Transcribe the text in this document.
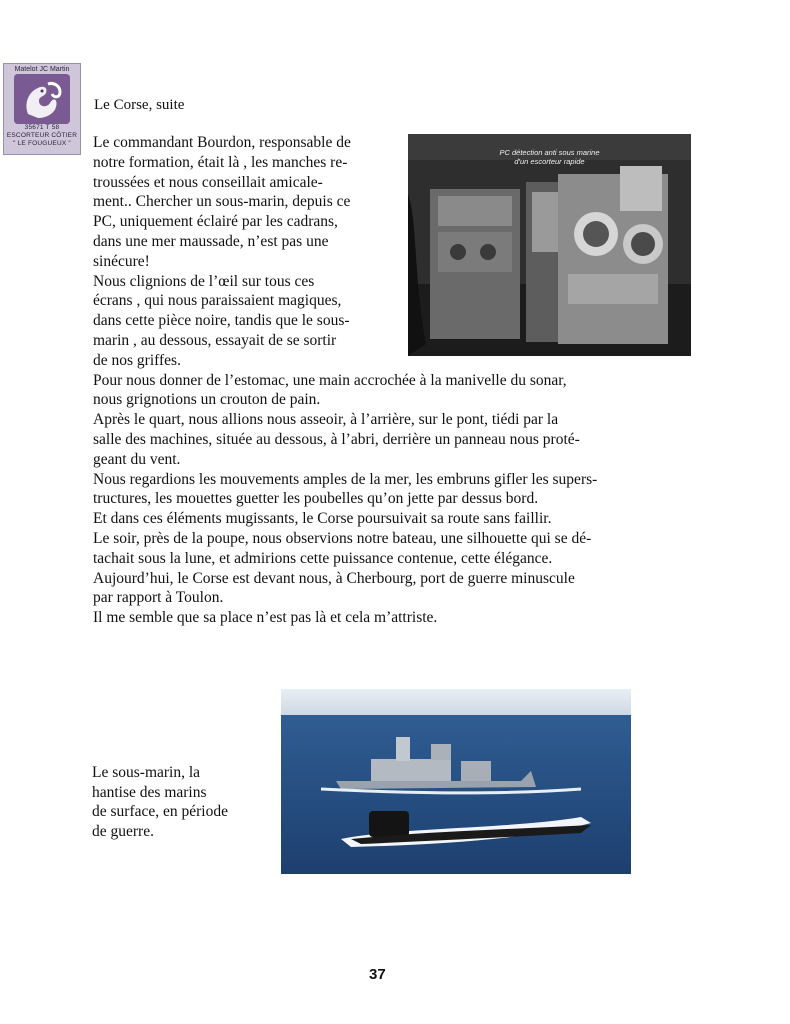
Matelot JC Martin
35671 T 58
ESCORTEUR CÔTIER
" LE FOUGUEUX "
Le Corse, suite
PC détection anti sous marine
d'un escorteur rapide
Le commandant Bourdon, responsable de
notre formation, était là , les manches re-
troussées et nous conseillait amicale-
ment.. Chercher un sous-marin, depuis ce
PC, uniquement éclairé par les cadrans,
dans une mer maussade, n’est pas une
sinécure!
Nous clignions de l’œil sur tous ces
écrans , qui nous paraissaient magiques,
dans cette pièce noire, tandis que le sous-
marin , au dessous, essayait de se sortir
de nos griffes.
Pour nous donner de l’estomac, une main accrochée à la manivelle du sonar,
nous grignotions un crouton de pain.
Après le quart, nous allions nous asseoir, à l’arrière, sur le pont, tiédi par la
salle des machines, située au dessous, à l’abri, derrière un panneau nous proté-
geant du vent.
Nous regardions les mouvements amples de la mer, les embruns gifler les supers-
tructures, les mouettes guetter les poubelles qu’on jette par dessus bord.
Et dans ces éléments mugissants, le Corse poursuivait sa route sans faillir.
Le soir, près de la poupe, nous observions notre bateau, une silhouette qui se dé-
tachait sous la lune, et admirions cette puissance contenue, cette élégance.
Aujourd’hui, le Corse est devant nous, à Cherbourg, port de guerre minuscule
par rapport à Toulon.
Il me semble que sa place n’est pas là et cela m’attriste.
Le sous-marin, la
hantise des marins
de surface, en période
de guerre.
37
